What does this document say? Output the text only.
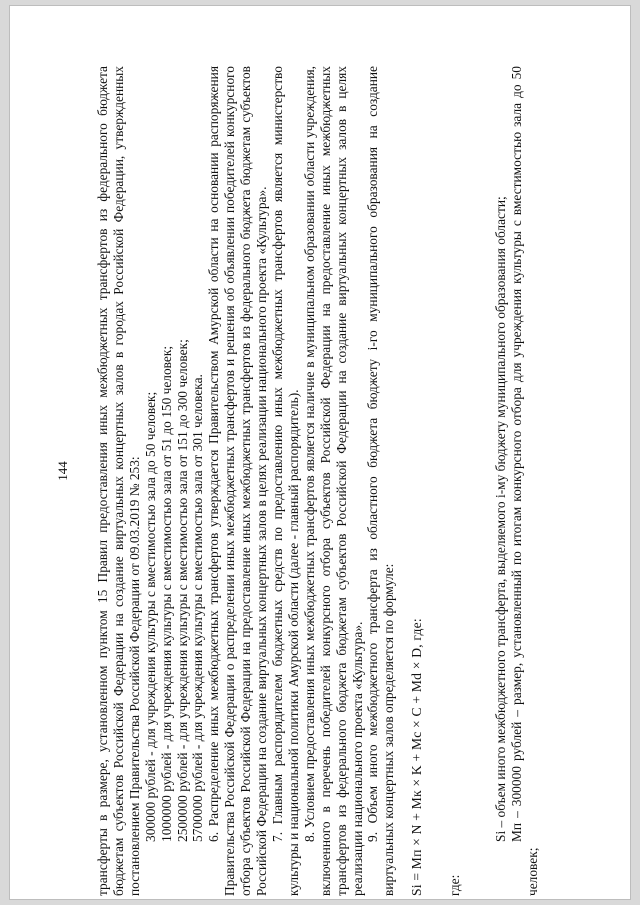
144 трансферты в размере, установленном пунктом 15 Правил предоставления иных межбюджетных трансфертов из федерального бюджета бюджетам субъектов Российской Федерации на создание виртуальных концертных залов в городах Российской Федерации, утвержденных постановлением Правительства Российской Федерации от 09.03.2019 № 253: 300000 рублей - для учреждения культуры с вместимостью зала до 50 человек; 1000000 рублей - для учреждения культуры с вместимостью зала от 51 до 150 человек; 2500000 рублей - для учреждения культуры с вместимостью зала от 151 до 300 человек; 5700000 рублей - для учреждения культуры с вместимостью зала от 301 человека. 6. Распределение иных межбюджетных трансфертов утверждается Правительством Амурской области на основании распоряжения Правительства Российской Федерации о распределении иных межбюджетных трансфертов и решения об объявлении победителей конкурсного отбора субъектов Российской Федерации на предоставление иных межбюджетных трансфертов из федерального бюджета бюджетам субъектов Российской Федерации на создание виртуальных концертных залов в целях реализации национального проекта «Культура». 7. Главным распорядителем бюджетных средств по предоставлению иных межбюджетных трансфертов является министерство культуры и национальной политики Амурской области (далее - главный распорядитель). 8. Условием предоставления иных межбюджетных трансфертов является наличие в муниципальном образовании области учреждения, включенного в перечень победителей конкурсного отбора субъектов Российской Федерации на предоставление иных межбюджетных трансфертов из федерального бюджета бюджетам субъектов Российской Федерации на создание виртуальных концертных залов в целях реализации национального проекта «Культура». 9. Объем иного межбюджетного трансферта из областного бюджета бюджету i-го муниципального образования на создание виртуальных концертных залов определяется по формуле: Si = Мп × N + Мк × K + Мс × C + Мd × D, где: где:

Si – объем иного межбюджетного трансферта, выделяемого i-му бюджету муниципального образования области; Мп – 300000 рублей – размер, установленный по итогам конкурсного отбора для учреждения культуры с вместимостью зала до 50 человек;
